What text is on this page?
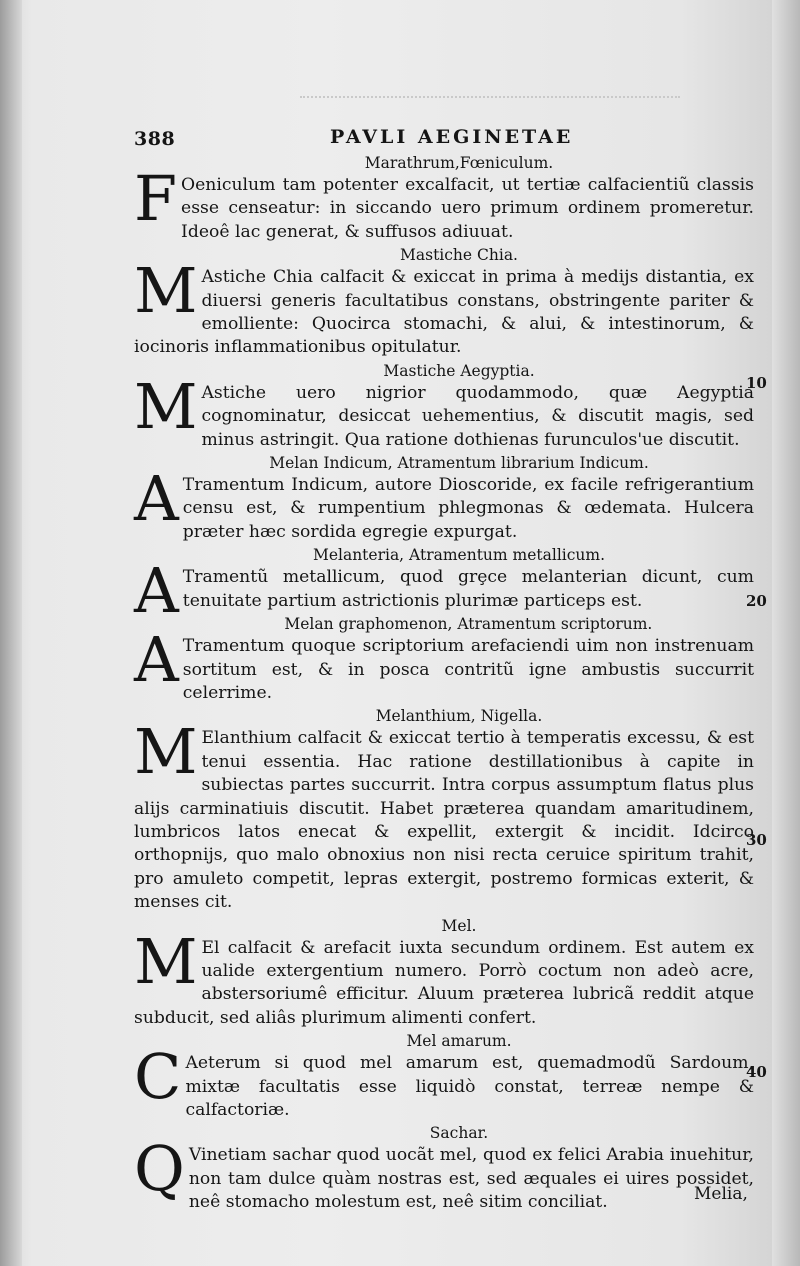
388	PAVLI AEGINETAE
Marathrum,Fœniculum.
F Oeniculum tam potenter excalfacit, ut tertiæ calfacientiũ classis esse censeatur: in siccando uero primum ordinem promeretur. Ideoê lac generat, & suffusos adiuuat.
Mastiche Chia.
M Astiche Chia calfacit & exiccat in prima à medijs distantia, ex diuersi generis facultatibus constans, obstringente pariter & emolliente: Quocirca stomachi, & alui, & intestinorum, & iocinoris inflammationibus opitulatur.
Mastiche Aegyptia.
M Astiche uero nigrior quodammodo, quæ Aegyptia cognominatur, desiccat uehementius, & discutit magis, sed minus astringit. Qua ratione dothienas furunculos'ue discutit.
Melan Indicum, Atramentum librarium Indicum.
A Tramentum Indicum, autore Dioscoride, ex facile refrigerantium censu est, & rumpentium phlegmonas & œdemata. Hulcera præter hæc sordida egregie expurgat.
Melanteria, Atramentum metallicum.
A Tramentũ metallicum, quod grȩce melanterian dicunt, cum tenuitate partium astrictionis plurimæ particeps est.
Melan graphomenon, Atramentum scriptorum.
A Tramentum quoque scriptorium arefaciendi uim non instrenuam sortitum est, & in posca contritũ igne ambustis succurrit celerrime.
Melanthium, Nigella.
M Elanthium calfacit & exiccat tertio à temperatis excessu, & est tenui essentia. Hac ratione destillationibus à capite in subiectas partes succurrit. Intra corpus assumptum flatus plus alijs carminatiuis discutit. Habet præterea quandam amaritudinem, lumbricos latos enecat & expellit, extergit & incidit. Idcirco orthopnijs, quo malo obnoxius non nisi recta ceruice spiritum trahit, pro amuleto competit, lepras extergit, postremo formicas exterit, & menses cit.
Mel.
M El calfacit & arefacit iuxta secundum ordinem. Est autem ex ualide extergentium numero. Porrò coctum non adeò acre, abstersoriumê efficitur. Aluum præterea lubricã reddit atque subducit, sed aliâs plurimum alimenti confert.
Mel amarum.
C Aeterum si quod mel amarum est, quemadmodũ Sardoum, mixtæ facultatis esse liquidò constat, terreæ nempe & calfactoriæ.
Sachar.
Q Vinetiam sachar quod uocãt mel, quod ex felici Arabia inuehitur, non tam dulce quàm nostras est, sed æquales ei uires possidet, neê stomacho molestum est, neê sitim conciliat.
10
20
30
40
Melia,
